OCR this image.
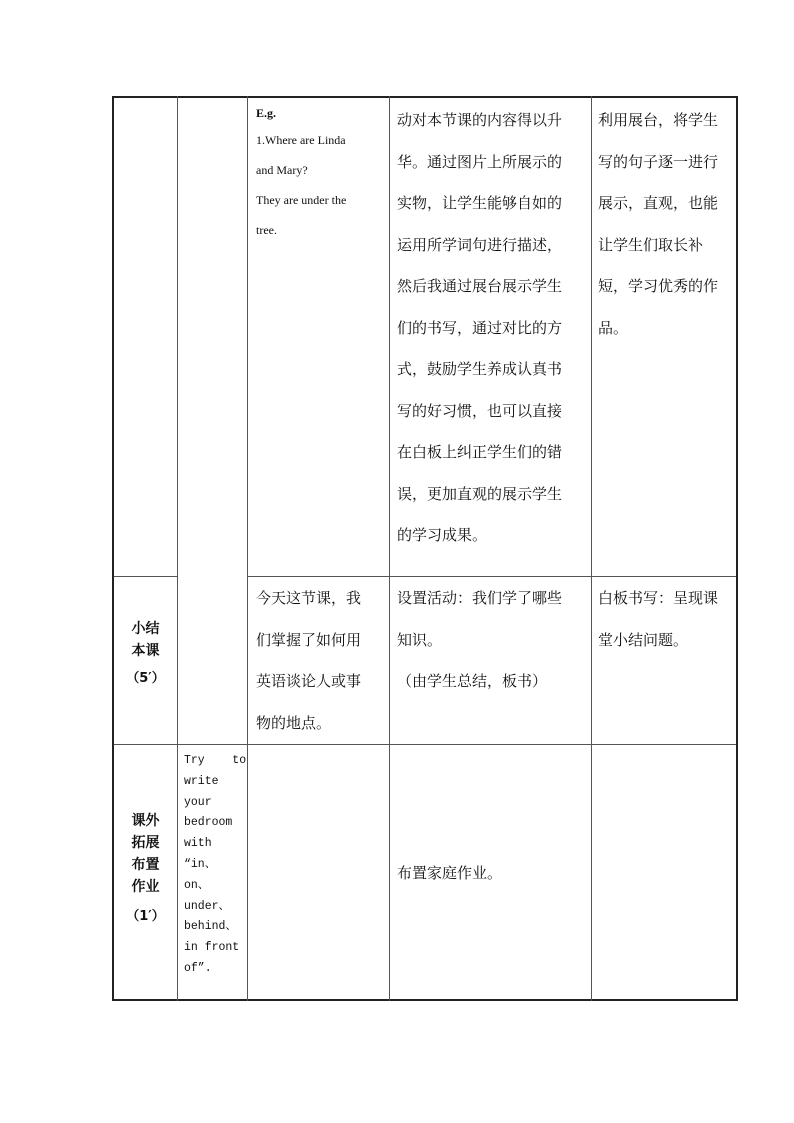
E.g.
1.Where are Linda
and Mary?
They are under the
tree.
动对本节课的内容得以升
华。通过图片上所展示的
实物，让学生能够自如的
运用所学词句进行描述，
然后我通过展台展示学生
们的书写，通过对比的方
式，鼓励学生养成认真书
写的好习惯，也可以直接
在白板上纠正学生们的错
误，更加直观的展示学生
的学习成果。
利用展台，将学生
写的句子逐一进行
展示，直观，也能
让学生们取长补
短，学习优秀的作
品。
小结
本课
（5′）
今天这节课，我
们掌握了如何用
英语谈论人或事
物的地点。
设置活动：我们学了哪些
知识。
（由学生总结，板书）
白板书写：呈现课
堂小结问题。
课外
拓展
布置
作业
（1′）
Try    to
write
your
bedroom
with
“in、
on、
under、
behind、
in front
of”.
布置家庭作业。
